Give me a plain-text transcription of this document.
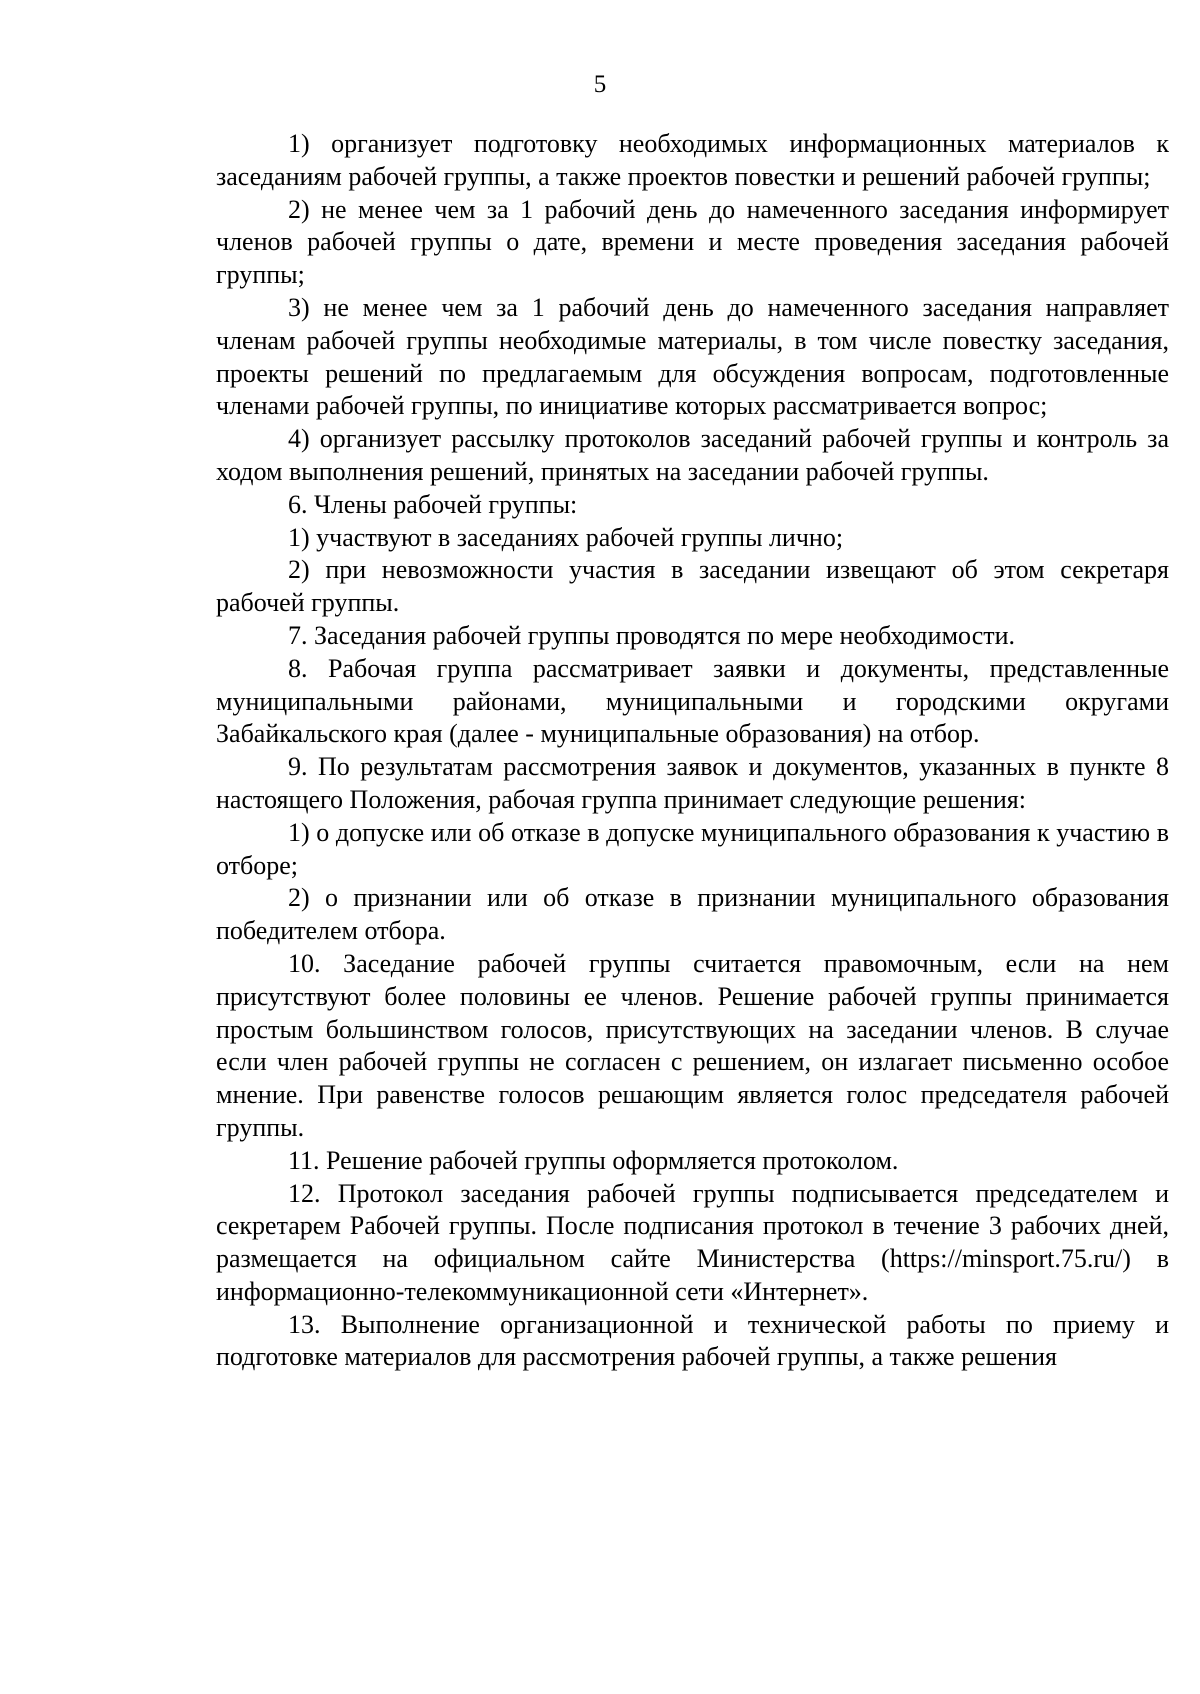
5

1) организует подготовку необходимых информационных материалов к заседаниям рабочей группы, а также проектов повестки и решений рабочей группы;

2) не менее чем за 1 рабочий день до намеченного заседания информирует членов рабочей группы о дате, времени и месте проведения заседания рабочей группы;

3) не менее чем за 1 рабочий день до намеченного заседания направляет членам рабочей группы необходимые материалы, в том числе повестку заседания, проекты решений по предлагаемым для обсуждения вопросам, подготовленные членами рабочей группы, по инициативе которых рассматривается вопрос;

4) организует рассылку протоколов заседаний рабочей группы и контроль за ходом выполнения решений, принятых на заседании рабочей группы.

6. Члены рабочей группы:

1) участвуют в заседаниях рабочей группы лично;

2) при невозможности участия в заседании извещают об этом секретаря рабочей группы.

7. Заседания рабочей группы проводятся по мере необходимости.

8. Рабочая группа рассматривает заявки и документы, представленные муниципальными районами, муниципальными и городскими округами Забайкальского края (далее - муниципальные образования) на отбор.

9. По результатам рассмотрения заявок и документов, указанных в пункте 8 настоящего Положения, рабочая группа принимает следующие решения:

1) о допуске или об отказе в допуске муниципального образования к участию в отборе;

2) о признании или об отказе в признании муниципального образования победителем отбора.

10. Заседание рабочей группы считается правомочным, если на нем присутствуют более половины ее членов. Решение рабочей группы принимается простым большинством голосов, присутствующих на заседании членов. В случае если член рабочей группы не согласен с решением, он излагает письменно особое мнение. При равенстве голосов решающим является голос председателя рабочей группы.

11. Решение рабочей группы оформляется протоколом.

12. Протокол заседания рабочей группы подписывается председателем и секретарем Рабочей группы. После подписания протокол в течение 3 рабочих дней, размещается на официальном сайте Министерства (https://minsport.75.ru/) в информационно-телекоммуникационной сети «Интернет».

13. Выполнение организационной и технической работы по приему и подготовке материалов для рассмотрения рабочей группы, а также решения
